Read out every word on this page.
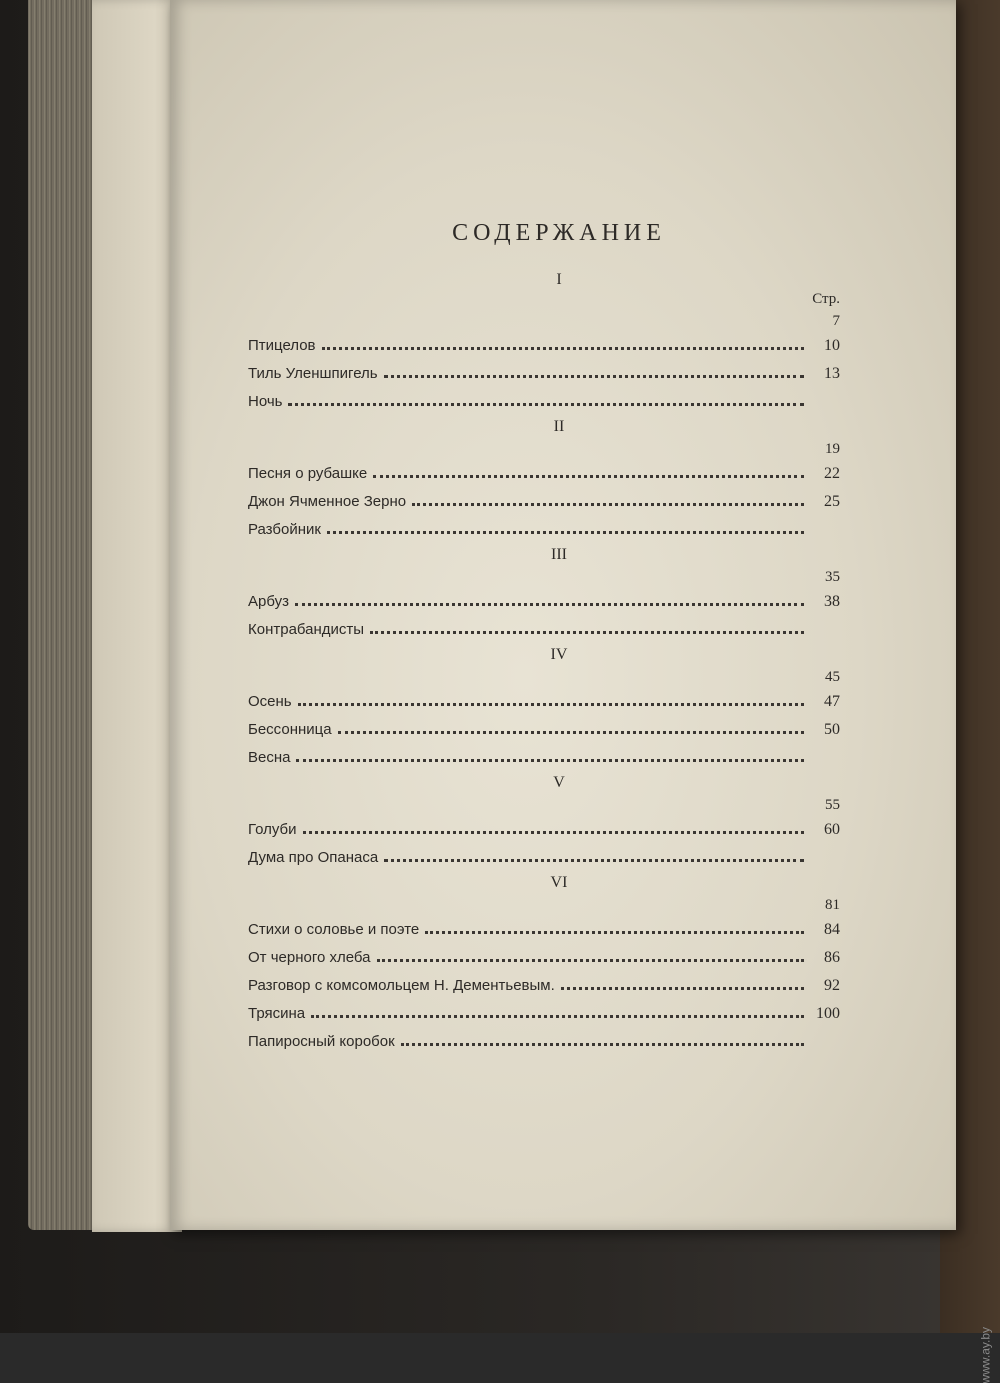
СОДЕРЖАНИЕ
I
Стр.
7
Птицелов	10
Тиль Уленшпигель	13
Ночь
II
19
Песня о рубашке	22
Джон Ячменное Зерно	25
Разбойник
III
35
Арбуз	38
Контрабандисты
IV
45
Осень	47
Бессонница	50
Весна
V
55
Голуби	60
Дума про Опанаса
VI
81
Стихи о соловье и поэте	84
От черного хлеба	86
Разговор с комсомольцем Н. Дементьевым.	92
Трясина	100
Папиросный коробок
www.ay.by
